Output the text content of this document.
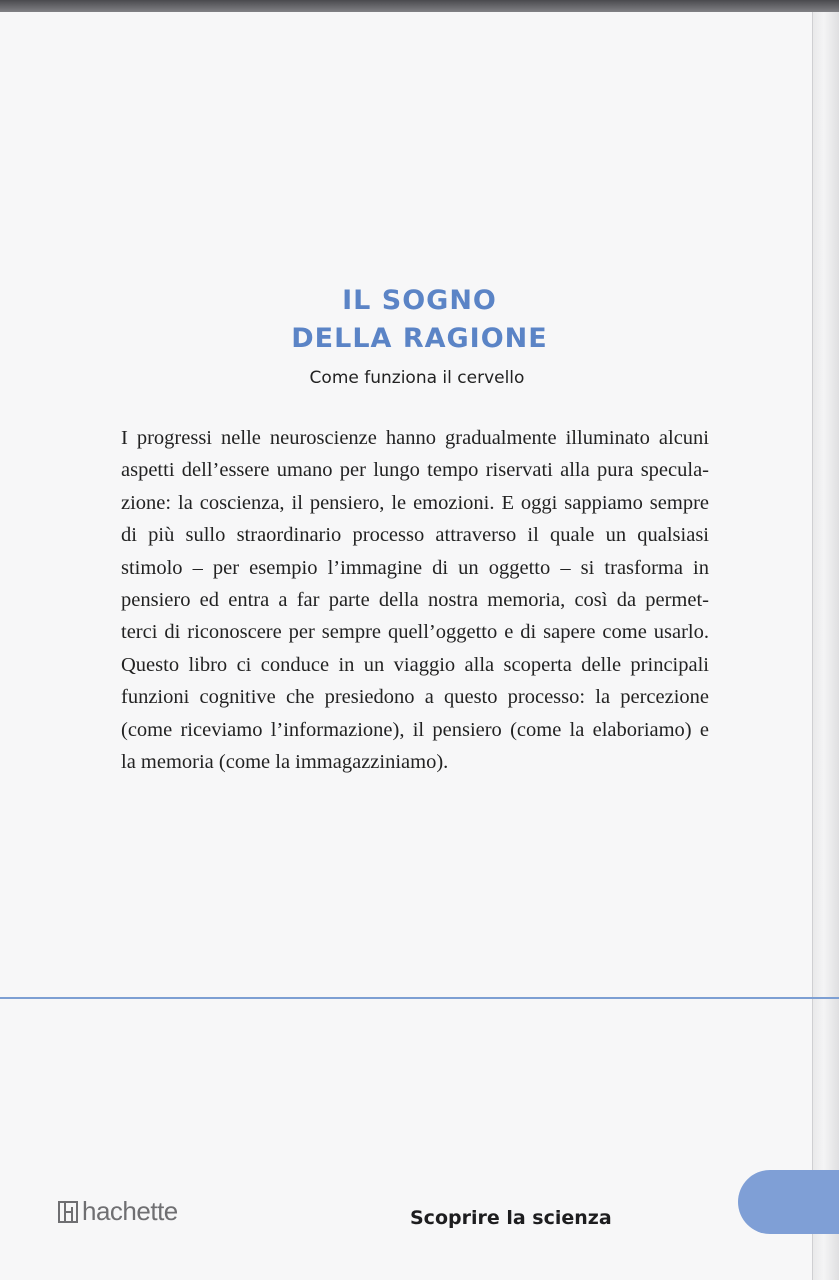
IL SOGNO
DELLA RAGIONE
Come funziona il cervello

I progressi nelle neuroscienze hanno gradualmente illuminato alcuni
aspetti dell’essere umano per lungo tempo riservati alla pura specula-
zione: la coscienza, il pensiero, le emozioni. E oggi sappiamo sempre
di più sullo straordinario processo attraverso il quale un qualsiasi
stimolo – per esempio l’immagine di un oggetto – si trasforma in
pensiero ed entra a far parte della nostra memoria, così da permet-
terci di riconoscere per sempre quell’oggetto e di sapere come usarlo.
Questo libro ci conduce in un viaggio alla scoperta delle principali
funzioni cognitive che presiedono a questo processo: la percezione
(come riceviamo l’informazione), il pensiero (come la elaboriamo) e
la memoria (come la immagazziniamo).

hachette	Scoprire la scienza
